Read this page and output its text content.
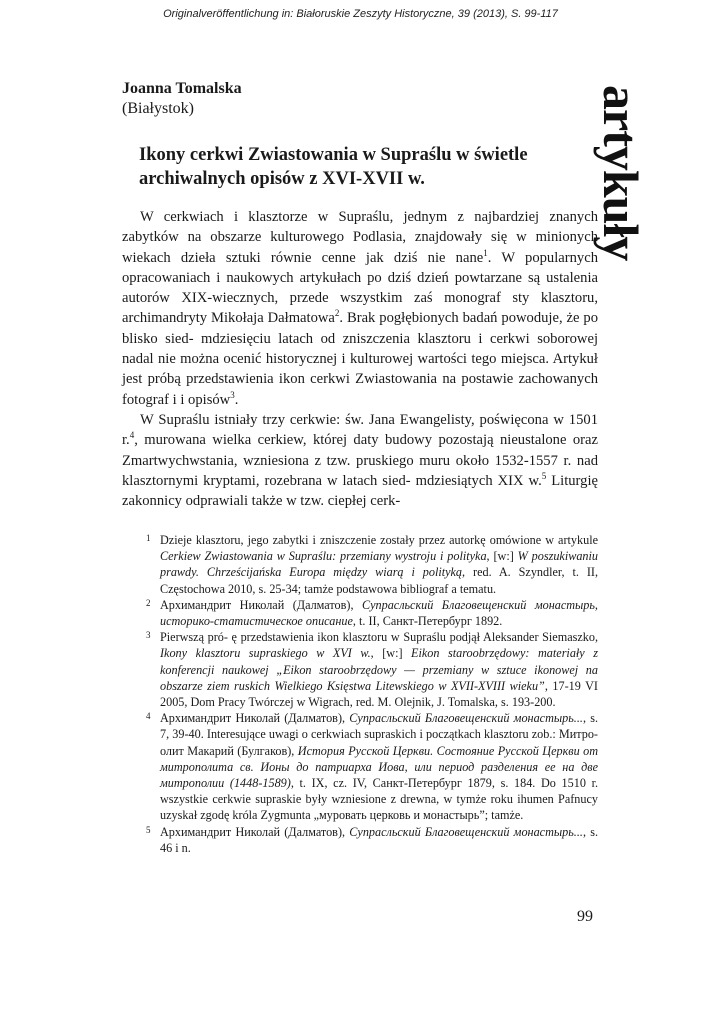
Originalveröffentlichung in: Białoruskie Zeszyty Historyczne, 39 (2013), S. 99-117
Joanna Tomalska
(Białystok)
Ikony cerkwi Zwiastowania w Supraślu w świetle archiwalnych opisów z XVI-XVII w.	artykuły

W cerkwiach i klasztorze w Supraślu, jednym z najbardziej znanych zabytków na obszarze kulturowego Podlasia, znajdowały się w minionych wiekach dzieła sztuki równie cenne jak dziś nie nane$^1$. W popularnych opracowaniach i naukowych artykułach po dziś dzień powtarzane są ustalenia autorów XIX-wiecznych, przede wszystkim zaś monograf sty klasztoru, archimandryty Mikołaja Dałmatowa$^2$. Brak pogłębionych badań powoduje, że po blisko sied- mdziesięciu latach od zniszczenia klasztoru i cerkwi soborowej nadal nie można ocenić historycznej i kulturowej wartości tego miejsca. Artykuł jest próbą przedstawienia ikon cerkwi Zwiastowania na postawie zachowanych fotograf i i opisów$^3$.

W Supraślu istniały trzy cerkwie: św. Jana Ewangelisty, poświęcona w 1501 r.$^4$, murowana wielka cerkiew, której daty budowy pozostają nieustalone oraz Zmartwychwstania, wzniesiona z tzw. pruskiego muru około 1532-1557 r. nad klasztornymi kryptami, rozebrana w latach sied- mdziesiątych XIX w.$^5$ Liturgię zakonnicy odprawiali także w tzw. ciepłej cerk-

1 Dzieje klasztoru, jego zabytki i zniszczenie zostały przez autorkę omówione w artykule Cerkiew Zwiastowania w Supraślu: przemiany wystroju i polityka, [w:] W poszukiwaniu prawdy. Chrześcijańska Europa między wiarą i polityką, red. A. Szyndler, t. II, Częstochowa 2010, s. 25-34; tamże podstawowa bibliograf a tematu.
2 Архимандрит Николай (Далматов), Супрасльский Благовещенский монастырь, историко-статистическое описание, t. II, Санкт-Петербург 1892.
3 Pierwszą pró- ę przedstawienia ikon klasztoru w Supraślu podjął Aleksander Siemaszko, Ikony klasztoru supraskiego w XVI w., [w:] Eikon staroobrzędowy: materiały z konferencji naukowej „Eikon staroobrzędowy — przemiany w sztuce ikonowej na obszarze ziem ruskich Wielkiego Księstwa Litewskiego w XVII-XVIII wieku”, 17-19 VI 2005, Dom Pracy Twórczej w Wigrach, red. M. Olejnik, J. Tomalska, s. 193-200.
4 Архимандрит Николай (Далматов), Супрасльский Благовещенский монастырь..., s. 7, 39-40. Interesujące uwagi o cerkwiach supraskich i początkach klasztoru zob.: Митро- олит Макарий (Булгаков), История Русской Церкви. Состояние Русской Церкви от митрополита св. Ионы до патриарха Иова, или период разделения ее на две митрополии (1448-1589), t. IX, cz. IV, Санкт-Петербург 1879, s. 184. Do 1510 r. wszystkie cerkwie supraskie były wzniesione z drewna, w tymże roku ihumen Pafnucy uzyskał zgodę króla Zygmunta „муровать церковь и монастырь”; tamże.
5 Архимандрит Николай (Далматов), Супрасльский Благовещенский монастырь..., s. 46 i n.
99
